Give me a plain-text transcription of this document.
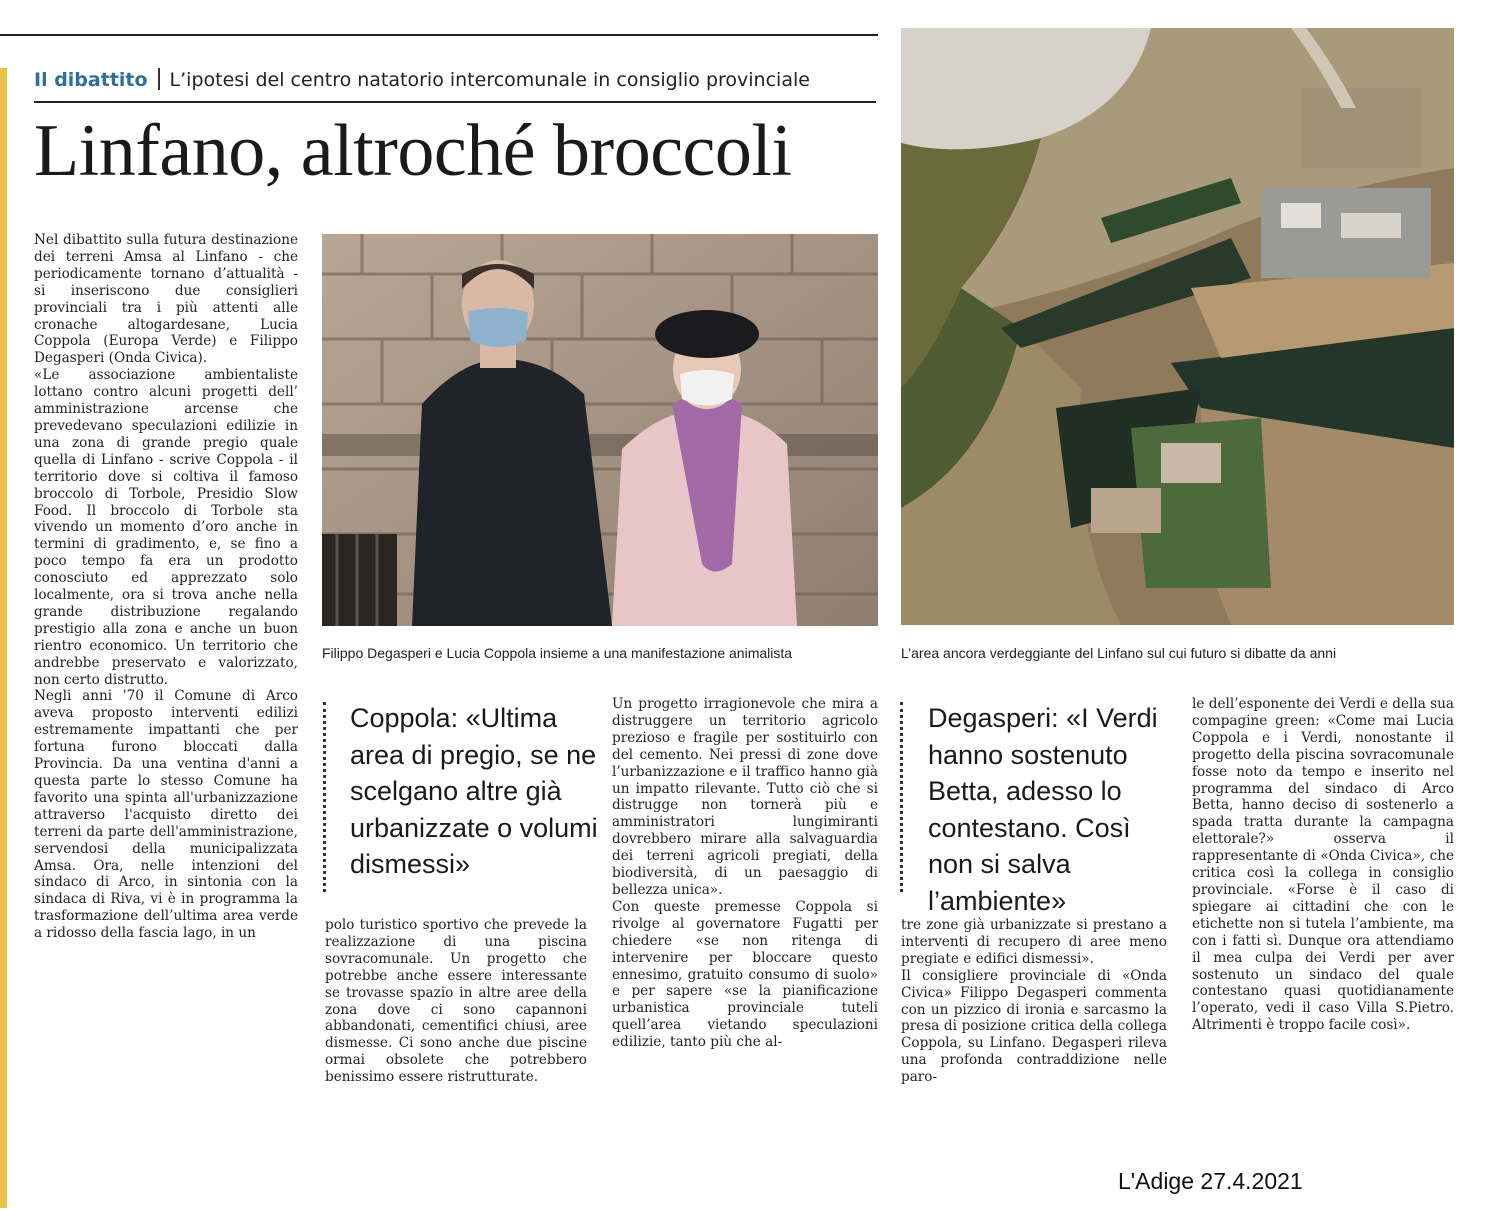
Il dibattito L’ipotesi del centro natatorio intercomunale in consiglio provinciale
Linfano, altroché broccoli
Filippo Degasperi e Lucia Coppola insieme a una manifestazione animalista	L’area ancora verdeggiante del Linfano sul cui futuro si dibatte da anni

Nel dibattito sulla futura destinazione dei terreni Amsa al Linfano - che periodicamente tornano d’attualità - si inseriscono due consiglieri provinciali tra i più attenti alle cronache altogardesane, Lucia Coppola (Europa Verde) e Filippo Degasperi (Onda Civica).

«Le associazione ambientaliste lottano contro alcuni progetti dell’ amministrazione arcense che prevedevano speculazioni edilizie in una zona di grande pregio quale quella di Linfano - scrive Coppola - il territorio dove si coltiva il famoso broccolo di Torbole, Presidio Slow Food. Il broccolo di Torbole sta vivendo un momento d’oro anche in termini di gradimento, e, se fino a poco tempo fa era un prodotto conosciuto ed apprezzato solo localmente, ora si trova anche nella grande distribuzione regalando prestigio alla zona e anche un buon rientro economico. Un territorio che andrebbe preservato e valorizzato, non certo distrutto.

Negli anni '70 il Comune di Arco aveva proposto interventi edilizi estremamente impattanti che per fortuna furono bloccati dalla Provincia. Da una ventina d'anni a questa parte lo stesso Comune ha favorito una spinta all'urbanizzazione attraverso l'acquisto diretto dei terreni da parte dell'amministrazione, servendosi della municipalizzata Amsa. Ora, nelle intenzioni del sindaco di Arco, in sintonia con la sindaca di Riva, vi è in programma la trasformazione dell’ultima area verde a ridosso della fascia lago, in un

Coppola: «Ultima area di pregio, se ne scelgano altre già urbanizzate o volumi dismessi»

polo turistico sportivo che prevede la realizzazione di una piscina sovracomunale. Un progetto che potrebbe anche essere interessante se trovasse spazio in altre aree della zona dove ci sono capannoni abbandonati, cementifici chiusi, aree dismesse. Ci sono anche due piscine ormai obsolete che potrebbero benissimo essere ristrutturate.

Un progetto irragionevole che mira a distruggere un territorio agricolo prezioso e fragile per sostituirlo con del cemento. Nei pressi di zone dove l’urbanizzazione e il traffico hanno già un impatto rilevante. Tutto ciò che si distrugge non tornerà più e amministratori lungimiranti dovrebbero mirare alla salvaguardia dei terreni agricoli pregiati, della biodiversità, di un paesaggio di bellezza unica».

Con queste premesse Coppola si rivolge al governatore Fugatti per chiedere «se non ritenga di intervenire per bloccare questo ennesimo, gratuito consumo di suolo» e per sapere «se la pianificazione urbanistica provinciale tuteli quell’area vietando speculazioni edilizie, tanto più che al-

Degasperi: «I Verdi hanno sostenuto Betta, adesso lo contestano. Così non si salva l’ambiente»

tre zone già urbanizzate si prestano a interventi di recupero di aree meno pregiate e edifici dismessi».

Il consigliere provinciale di «Onda Civica» Filippo Degasperi commenta con un pizzico di ironia e sarcasmo la presa di posizione critica della collega Coppola, su Linfano. Degasperi rileva una profonda contraddizione nelle paro-

le dell’esponente dei Verdi e della sua compagine green: «Come mai Lucia Coppola e i Verdi, nonostante il progetto della piscina sovracomunale fosse noto da tempo e inserito nel programma del sindaco di Arco Betta, hanno deciso di sostenerlo a spada tratta durante la campagna elettorale?» osserva il rappresentante di «Onda Civica», che critica così la collega in consiglio provinciale. «Forse è il caso di spiegare ai cittadini che con le etichette non si tutela l’ambiente, ma con i fatti sì. Dunque ora attendiamo il mea culpa dei Verdi per aver sostenuto un sindaco del quale contestano quasi quotidianamente l’operato, vedi il caso Villa S.Pietro. Altrimenti è troppo facile così».

L'Adige 27.4.2021
